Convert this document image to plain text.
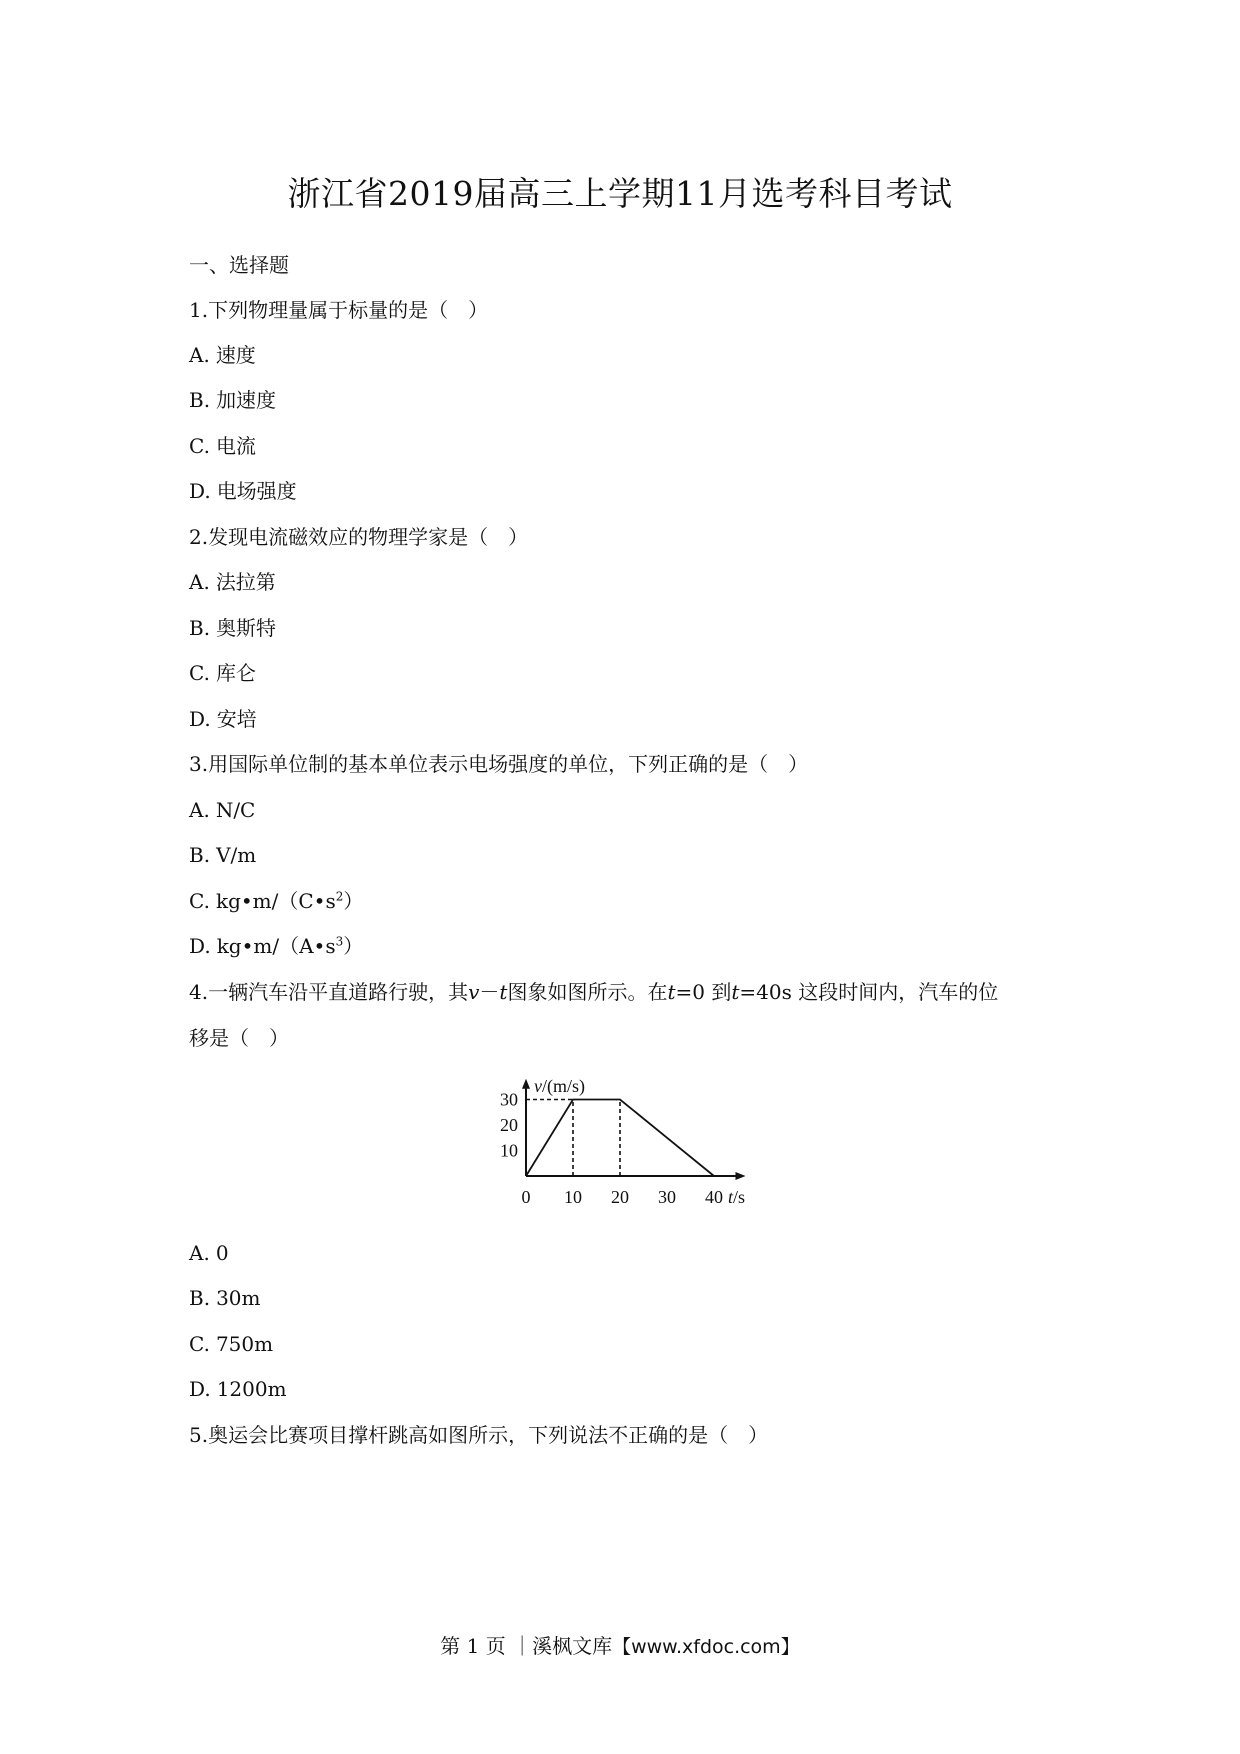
浙江省2019届高三上学期11月选考科目考试
一、选择题
1.下列物理量属于标量的是（　）
A. 速度
B. 加速度
C. 电流
D. 电场强度
2.发现电流磁效应的物理学家是（　）
A. 法拉第
B. 奥斯特
C. 库仑
D. 安培
3.用国际单位制的基本单位表示电场强度的单位，下列正确的是（　）
A. N/C
B. V/m
C. $kg•m/(C•s^2)$
D. $kg•m/(A•s^3)$
4.一辆汽车沿平直道路行驶，其v－t图象如图所示。在t=0 到t=40s 这段时间内，汽车的位
移是（　）
0 10 20 30 40
10
20
30
v/(m/s)
t/s
A. 0
B. 30m
C. 750m
D. 1200m
5.奥运会比赛项目撑杆跳高如图所示，下列说法不正确的是（　）
第 1 页 ｜溪枫文库【www.xfdoc.com】
